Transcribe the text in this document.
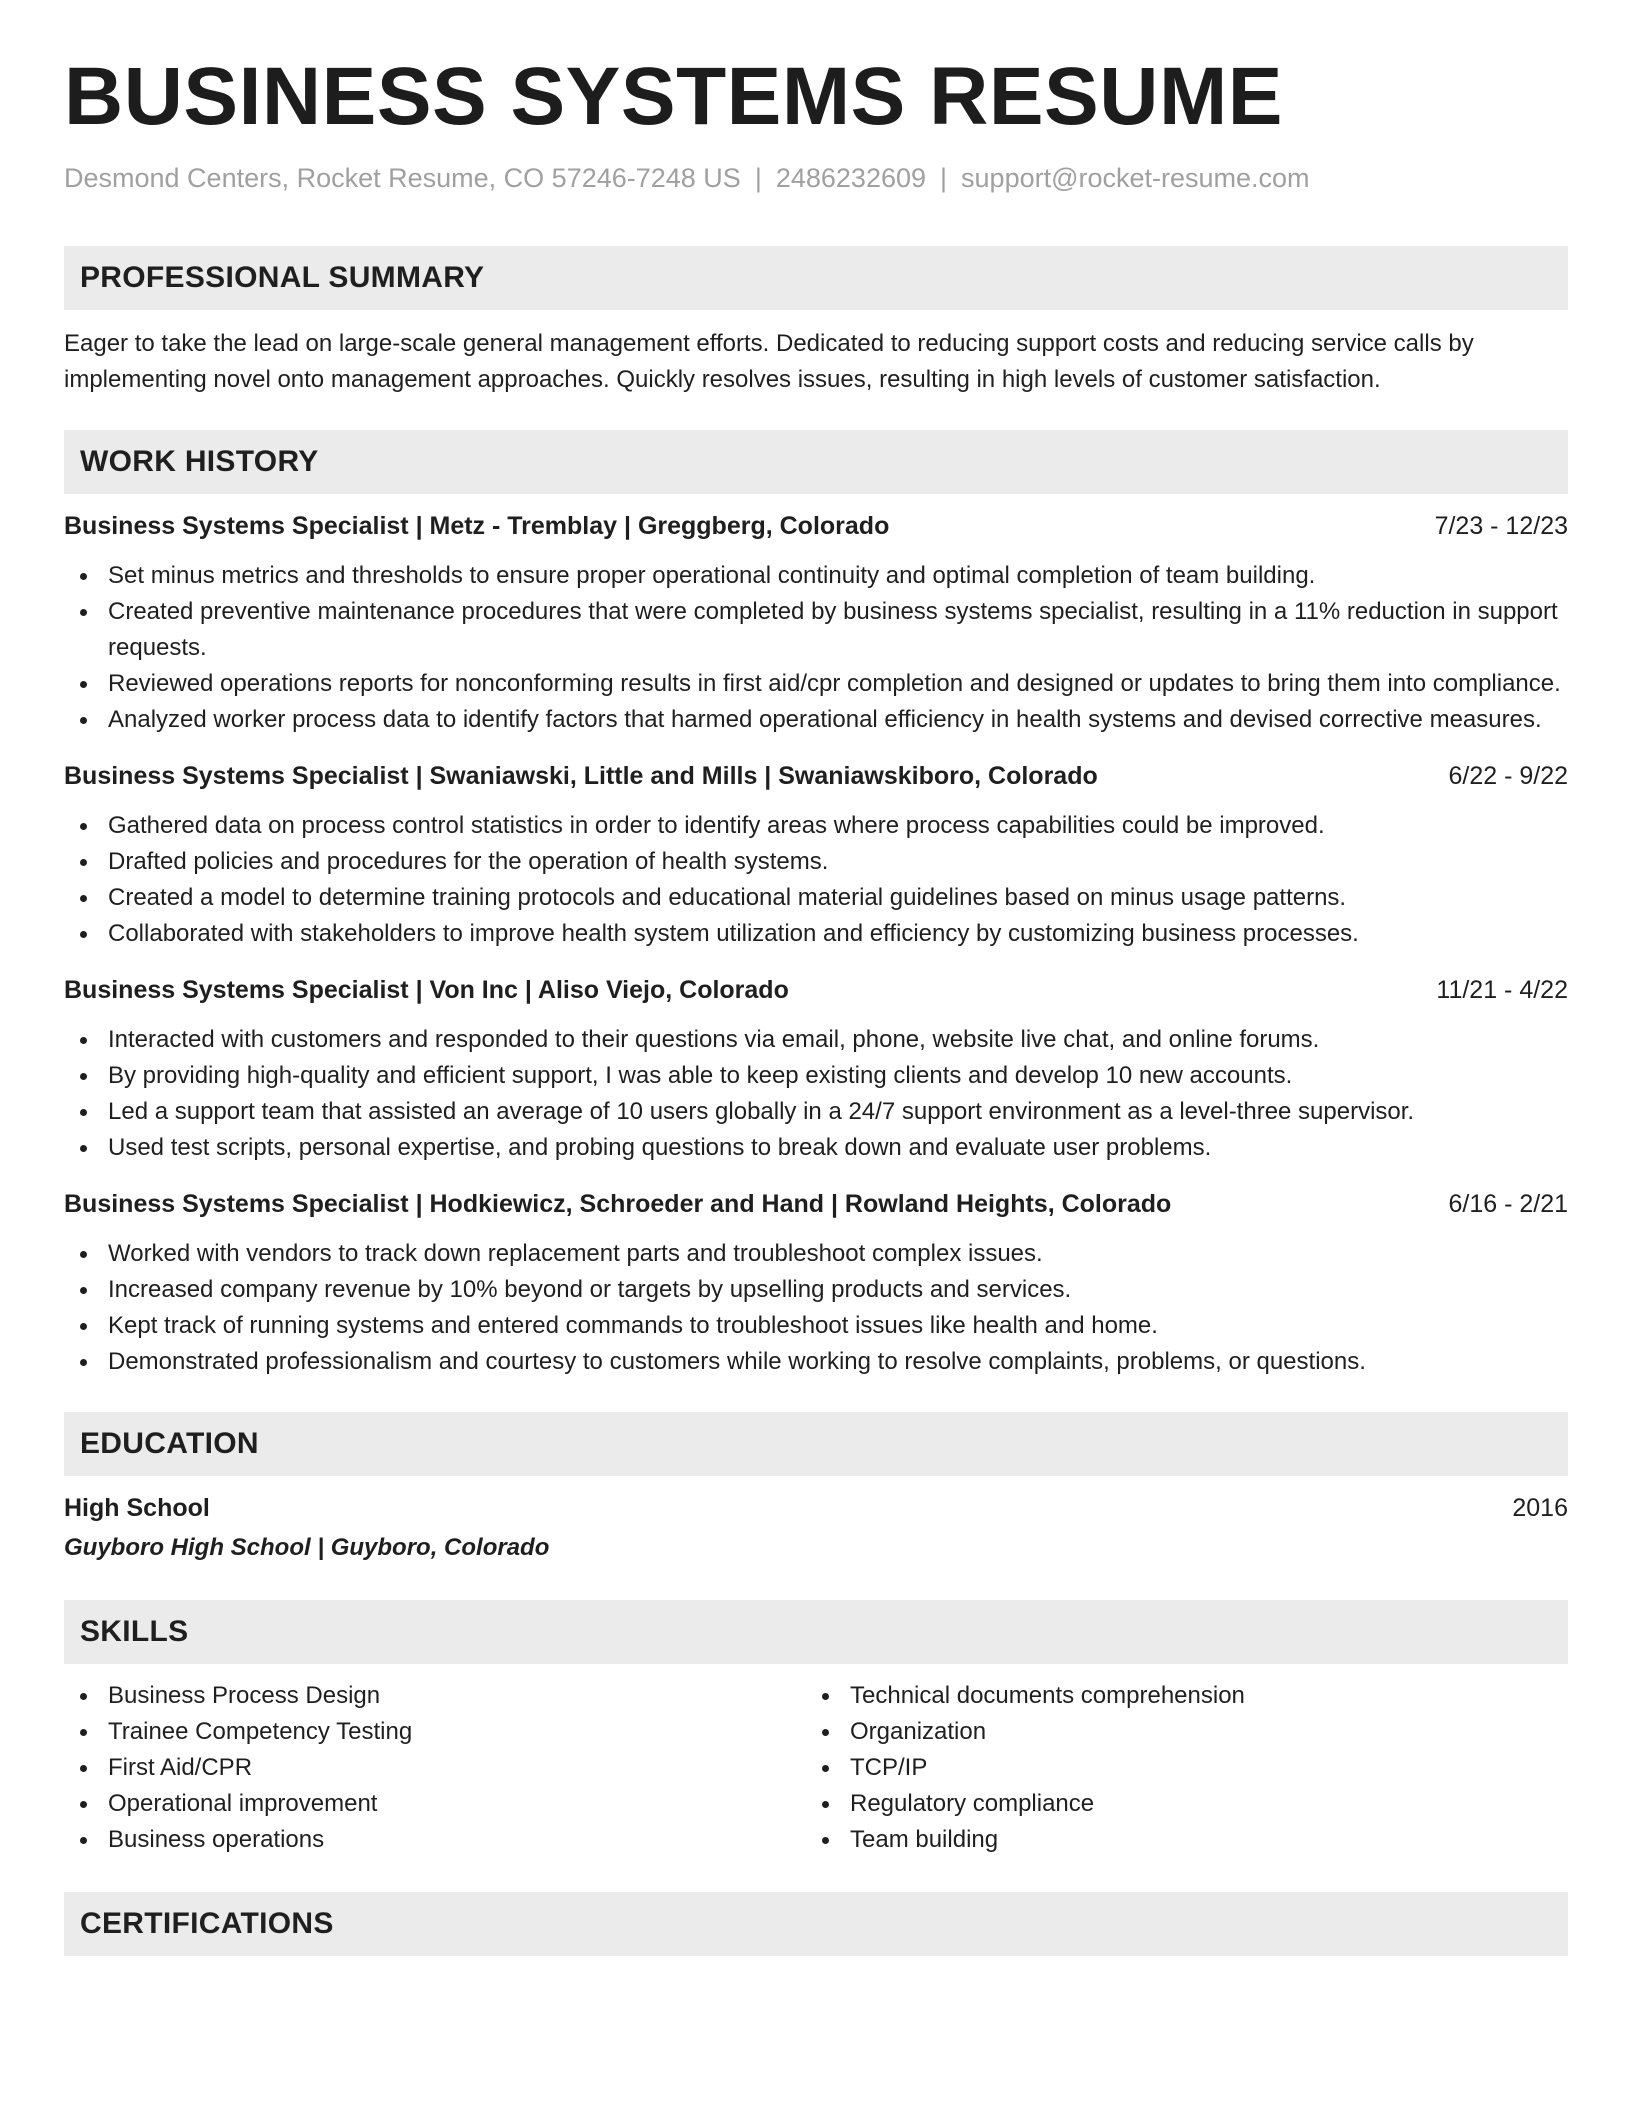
BUSINESS SYSTEMS RESUME
Desmond Centers, Rocket Resume, CO 57246-7248 US | 2486232609 | support@rocket-resume.com
PROFESSIONAL SUMMARY

Eager to take the lead on large-scale general management efforts. Dedicated to reducing support costs and reducing service calls by implementing novel onto management approaches. Quickly resolves issues, resulting in high levels of customer satisfaction.

WORK HISTORY
Business Systems Specialist | Metz - Tremblay | Greggberg, Colorado	7/23 - 12/23
Set minus metrics and thresholds to ensure proper operational continuity and optimal completion of team building.
Created preventive maintenance procedures that were completed by business systems specialist, resulting in a 11% reduction in support requests.
Reviewed operations reports for nonconforming results in first aid/cpr completion and designed or updates to bring them into compliance.
Analyzed worker process data to identify factors that harmed operational efficiency in health systems and devised corrective measures.
Business Systems Specialist | Swaniawski, Little and Mills | Swaniawskiboro, Colorado	6/22 - 9/22
Gathered data on process control statistics in order to identify areas where process capabilities could be improved.
Drafted policies and procedures for the operation of health systems.
Created a model to determine training protocols and educational material guidelines based on minus usage patterns.
Collaborated with stakeholders to improve health system utilization and efficiency by customizing business processes.
Business Systems Specialist | Von Inc | Aliso Viejo, Colorado	11/21 - 4/22
Interacted with customers and responded to their questions via email, phone, website live chat, and online forums.
By providing high-quality and efficient support, I was able to keep existing clients and develop 10 new accounts.
Led a support team that assisted an average of 10 users globally in a 24/7 support environment as a level-three supervisor.
Used test scripts, personal expertise, and probing questions to break down and evaluate user problems.
Business Systems Specialist | Hodkiewicz, Schroeder and Hand | Rowland Heights, Colorado	6/16 - 2/21
Worked with vendors to track down replacement parts and troubleshoot complex issues.
Increased company revenue by 10% beyond or targets by upselling products and services.
Kept track of running systems and entered commands to troubleshoot issues like health and home.
Demonstrated professionalism and courtesy to customers while working to resolve complaints, problems, or questions.
EDUCATION
High School	2016
Guyboro High School | Guyboro, Colorado
SKILLS
Business Process Design
Trainee Competency Testing
First Aid/CPR
Operational improvement
Business operations
Technical documents comprehension
Organization
TCP/IP
Regulatory compliance
Team building
CERTIFICATIONS
